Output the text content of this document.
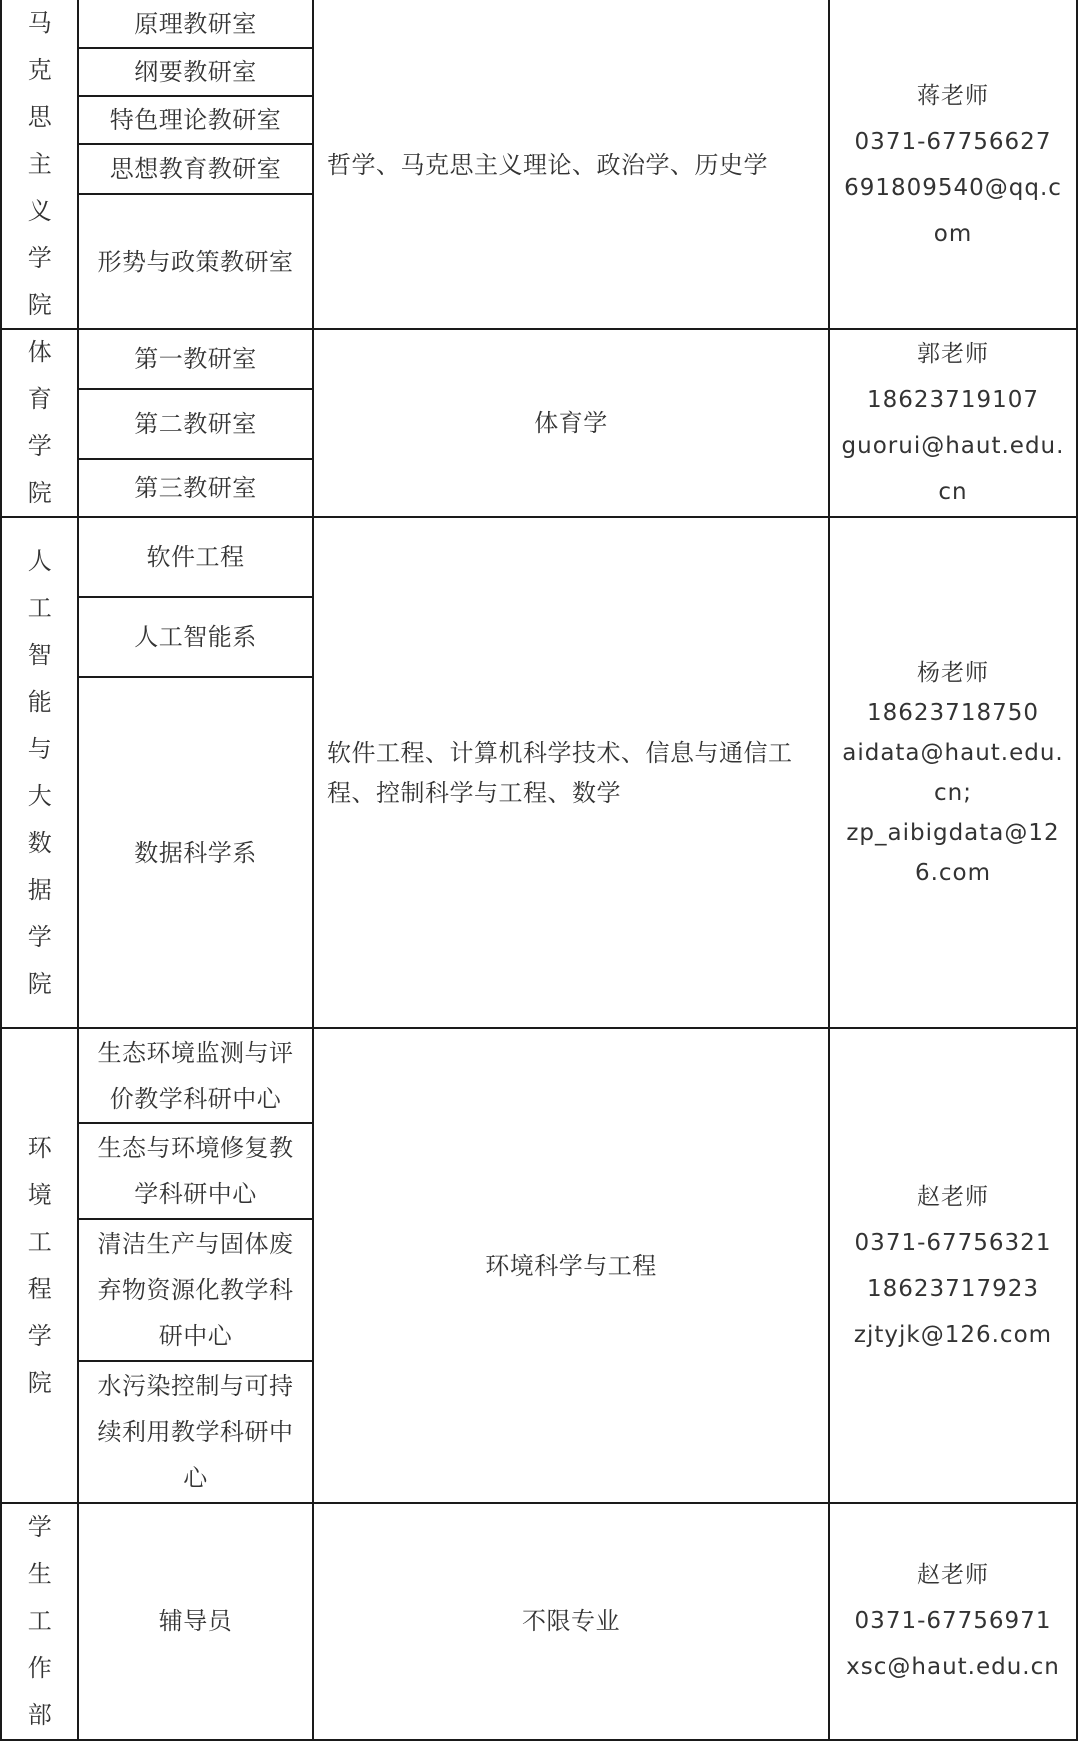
马克思主义学院
原理教研室
纲要教研室
特色理论教研室
思想教育教研室
形势与政策教研室
哲学、马克思主义理论、政治学、历史学
蒋老师
0371-67756627
691809540@qq.c
om
体育学院
第一教研室
第二教研室
第三教研室
体育学
郭老师
18623719107
guorui@haut.edu.
cn
人工智能与大数据学院
软件工程
人工智能系
数据科学系
软件工程、计算机科学技术、信息与通信工
程、控制科学与工程、数学
杨老师
18623718750
aidata@haut.edu.
cn;
zp_aibigdata@12
6.com
环境工程学院
生态环境监测与评
价教学科研中心
生态与环境修复教
学科研中心
清洁生产与固体废
弃物资源化教学科
研中心
水污染控制与可持
续利用教学科研中
心
环境科学与工程
赵老师
0371-67756321
18623717923
zjtyjk@126.com
学生工作部
辅导员	不限专业
赵老师
0371-67756971
xsc@haut.edu.cn
